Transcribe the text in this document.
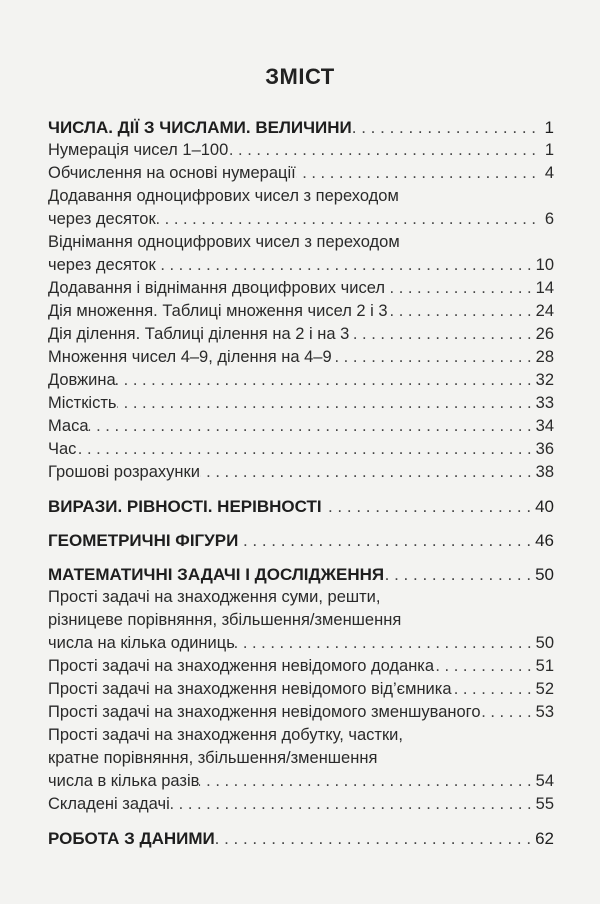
ЗМІСТ
ЧИСЛА. ДІЇ З ЧИСЛАМИ. ВЕЛИЧИНИ . . .	1
Нумерація чисел 1–100 . . .	1
Обчислення на основі нумерації . . .	4
Додавання одноцифрових чисел з переходом
через десяток . . .	6
Віднімання одноцифрових чисел з переходом
через десяток . . .	10
Додавання і віднімання двоцифрових чисел . . .	14
Дія множення. Таблиці множення чисел 2 і 3 . . .	24
Дія ділення. Таблиці ділення на 2 і на 3 . . .	26
Множення чисел 4–9, ділення на 4–9 . . .	28
Довжина . . .	32
Місткість . . .	33
Маса . . .	34
Час . . .	36
Грошові розрахунки . . .	38
ВИРАЗИ. РІВНОСТІ. НЕРІВНОСТІ . . .	40
ГЕОМЕТРИЧНІ ФІГУРИ . . .	46
МАТЕМАТИЧНІ ЗАДАЧІ І ДОСЛІДЖЕННЯ . . .	50
Прості задачі на знаходження суми, решти,
різницеве порівняння, збільшення/зменшення
числа на кілька одиниць . . .	50
Прості задачі на знаходження невідомого доданка . . .	51
Прості задачі на знаходження невідомого від’ємника . . .	52
Прості задачі на знаходження невідомого зменшуваного . . .	53
Прості задачі на знаходження добутку, частки,
кратне порівняння, збільшення/зменшення
числа в кілька разів . . .	54
Складені задачі . . .	55
РОБОТА З ДАНИМИ . . .	62
